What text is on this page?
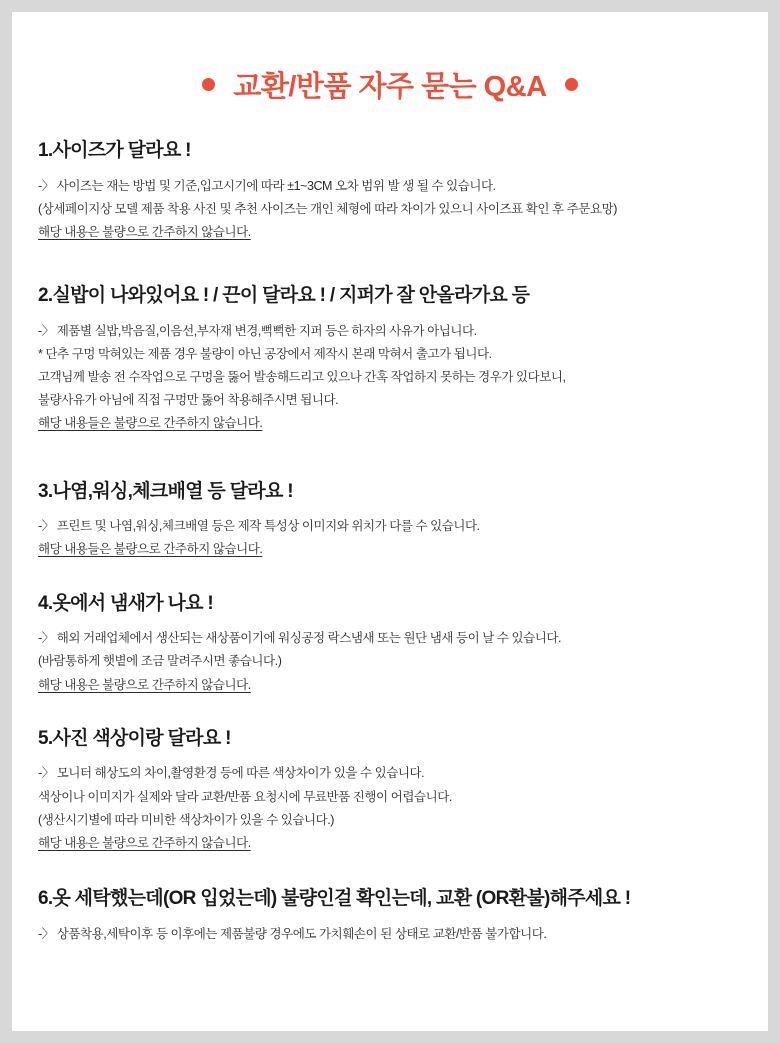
교환/반품 자주 묻는 Q&A
1.사이즈가 달라요 !
-〉 사이즈는 재는 방법 및 기준,입고시기에 따라 ±1~3CM 오차 범위 발 생 될 수 있습니다.
(상세페이지상 모델 제품 착용 사진 및 추천 사이즈는 개인 체형에 따라 차이가 있으니 사이즈표 확인 후 주문요망)
해당 내용은 불량으로 간주하지 않습니다.
2.실밥이 나와있어요 ! / 끈이 달라요 ! / 지퍼가 잘 안올라가요 등
-〉 제품별 실밥,박음질,이음선,부자재 변경,뻑뻑한 지퍼 등은 하자의 사유가 아닙니다.
* 단추 구멍 막혀있는 제품 경우 불량이 아닌 공장에서 제작시 본래 막혀서 출고가 됩니다.
고객님께 발송 전 수작업으로 구멍을 뚫어 발송해드리고 있으나 간혹 작업하지 못하는 경우가 있다보니,
불량사유가 아님에 직접 구멍만 뚫어 착용해주시면 됩니다.
해당 내용들은 불량으로 간주하지 않습니다.
3.나염,워싱,체크배열 등 달라요 !
-〉 프린트 및 나염,워싱,체크배열 등은 제작 특성상 이미지와 위치가 다를 수 있습니다.
해당 내용들은 불량으로 간주하지 않습니다.
4.옷에서 냄새가 나요 !
-〉 해외 거래업체에서 생산되는 새상품이기에 워싱공정 락스냄새 또는 원단 냄새 등이 날 수 있습니다.
(바람통하게 햇볕에 조금 말려주시면 좋습니다.)
해당 내용은 불량으로 간주하지 않습니다.
5.사진 색상이랑 달라요 !
-〉 모니터 해상도의 차이,촬영환경 등에 따른 색상차이가 있을 수 있습니다.
색상이나 이미지가 실제와 달라 교환/반품 요청시에 무료반품 진행이 어렵습니다.
(생산시기별에 따라 미비한 색상차이가 있을 수 있습니다.)
해당 내용은 불량으로 간주하지 않습니다.
6.옷 세탁했는데(OR 입었는데) 불량인걸 확인는데, 교환 (OR환불)해주세요 !
-〉 상품착용,세탁이후 등 이후에는 제품불량 경우에도 가치훼손이 된 상태로 교환/반품 불가합니다.
